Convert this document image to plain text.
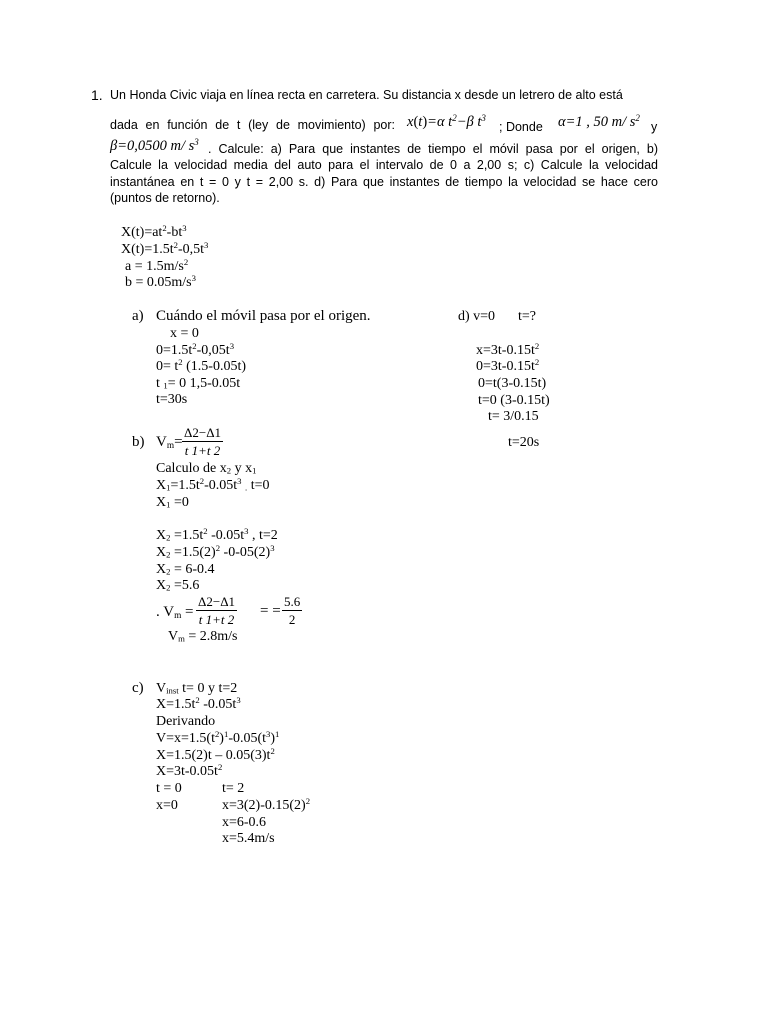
1. Un Honda Civic viaja en línea recta en carretera. Su distancia x desde un letrero de alto está
dada en función de t (ley de movimiento) por: x(t)=α $t^2-\beta$ $t^3$
; Donde α=1 , 50 m/ $s^2$
y
β=0,0500 m/ $s^3$ . Calcule: a) Para que instantes de tiempo el móvil pasa por el origen, b)
Calcule la velocidad media del auto para el intervalo de 0 a 2,00 s; c) Calcule la velocidad
instantánea en t = 0 y t = 2,00 s. d) Para que instantes de tiempo la velocidad se hace cero
(puntos de retorno).
$X(t)=at^2-bt^3$
$X(t)=1.5t^2-0,5t^3$
$a = 1.5m/s^2$
$b = 0.05m/s^3$
a) Cuándo el móvil pasa por el origen.
x = 0
$0=1.5t^2-0,05t^3$
$0= t^2$ (1.5-0.05t)
t $_1$= 0 1,5-0.05t
t=30s
d) v=0 t=?
$x=3t-0.15t^2$
$0=3t-0.15t^2$
0=t(3-0.15t)
t=0 (3-0.15t)
t= 3/0.15
t=20s
b) $V_m=$
Δ2−Δ1
t 1+t 2
Calculo de $x_2$ y $x_1$
$X_1=1.5t^2-0.05t^3$ $_.$ t=0
$X_1 =0$
$X_2 =1.5t^2$ $-0.05t^3$ , t=2
$X_2 =1.5(2)^2$ $-0-05(2)^3$
$X_2 = 6-0.4$
$X_2 =5.6$
. $V_m$ =
Δ2−Δ1
t 1+t 2
= =
5.6
2
$V_m = 2.8m/s$
c) $V_{inst}$ t= 0 y t=2
$X=1.5t^2$ $-0.05t^3$
Derivando
$V=x=1.5(t^2)^1-0.05(t^3)^1$
$X=1.5(2)t - 0.05(3)t^2$
$X=3t-0.05t^2$
t = 0
x=0
t= 2
$x=3(2)-0.15(2)^2$
x=6-0.6
x=5.4m/s
